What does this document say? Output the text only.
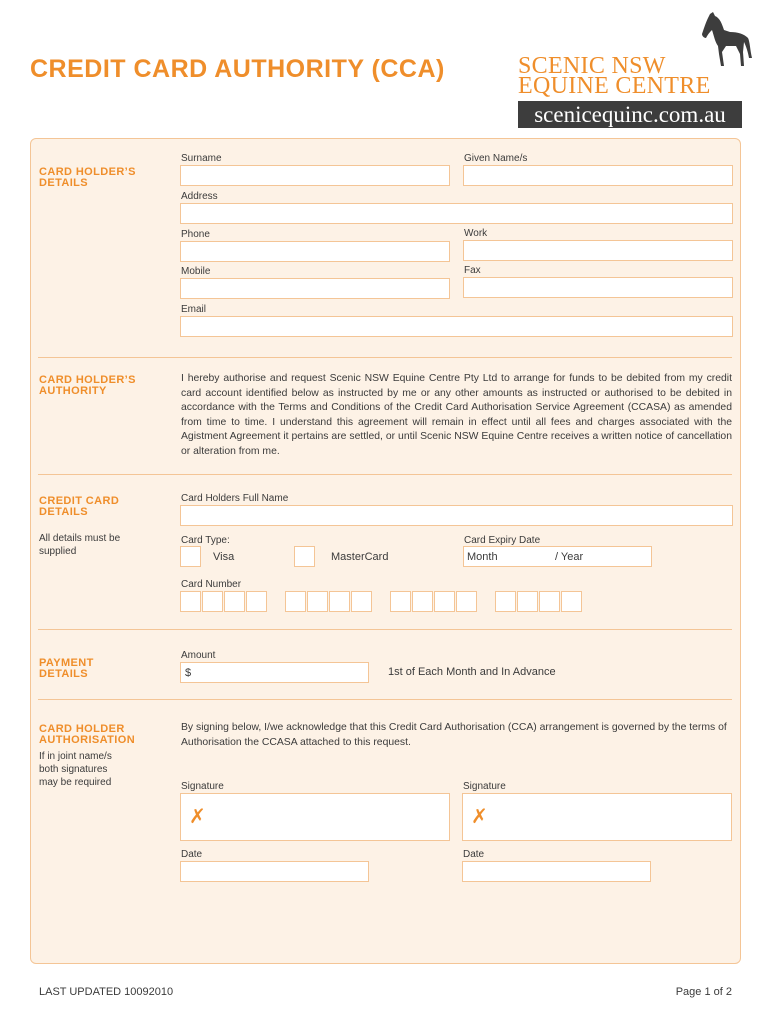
CREDIT CARD AUTHORITY (CCA)	SCENIC NSW
EQUINE CENTRE
scenicequinc.com.au
CARD HOLDER’S
DETAILS
Surname	Given Name/s
Address
Phone	Work
Mobile	Fax
Email
CARD HOLDER’S
AUTHORITY
I hereby authorise and request Scenic NSW Equine Centre Pty Ltd to arrange for funds to be debited from my credit card account identified below as instructed by me or any other amounts as instructed or authorised to be debited in accordance with the Terms and Conditions of the Credit Card Authorisation Service Agreement (CCASA) as amended from time to time. I understand this agreement will remain in effect until all fees and charges associated with the Agistment Agreement it pertains are settled, or until Scenic NSW Equine Centre receives a written notice of cancellation or alteration from me.
CREDIT CARD
DETAILS
All details must be
supplied
Card Holders Full Name
Card Type:
Visa	MasterCard
Card Expiry Date
Month	/ Year
Card Number
PAYMENT
DETAILS
Amount
$	1st of Each Month and In Advance
CARD HOLDER
AUTHORISATION
If in joint name/s
both signatures
may be required
By signing below, I/we acknowledge that this Credit Card Authorisation (CCA) arrangement is governed by the terms of Authorisation the CCASA attached to this request.
Signature
✗
Signature
✗
Date	Date
LAST UPDATED 10092010	Page 1 of 2
